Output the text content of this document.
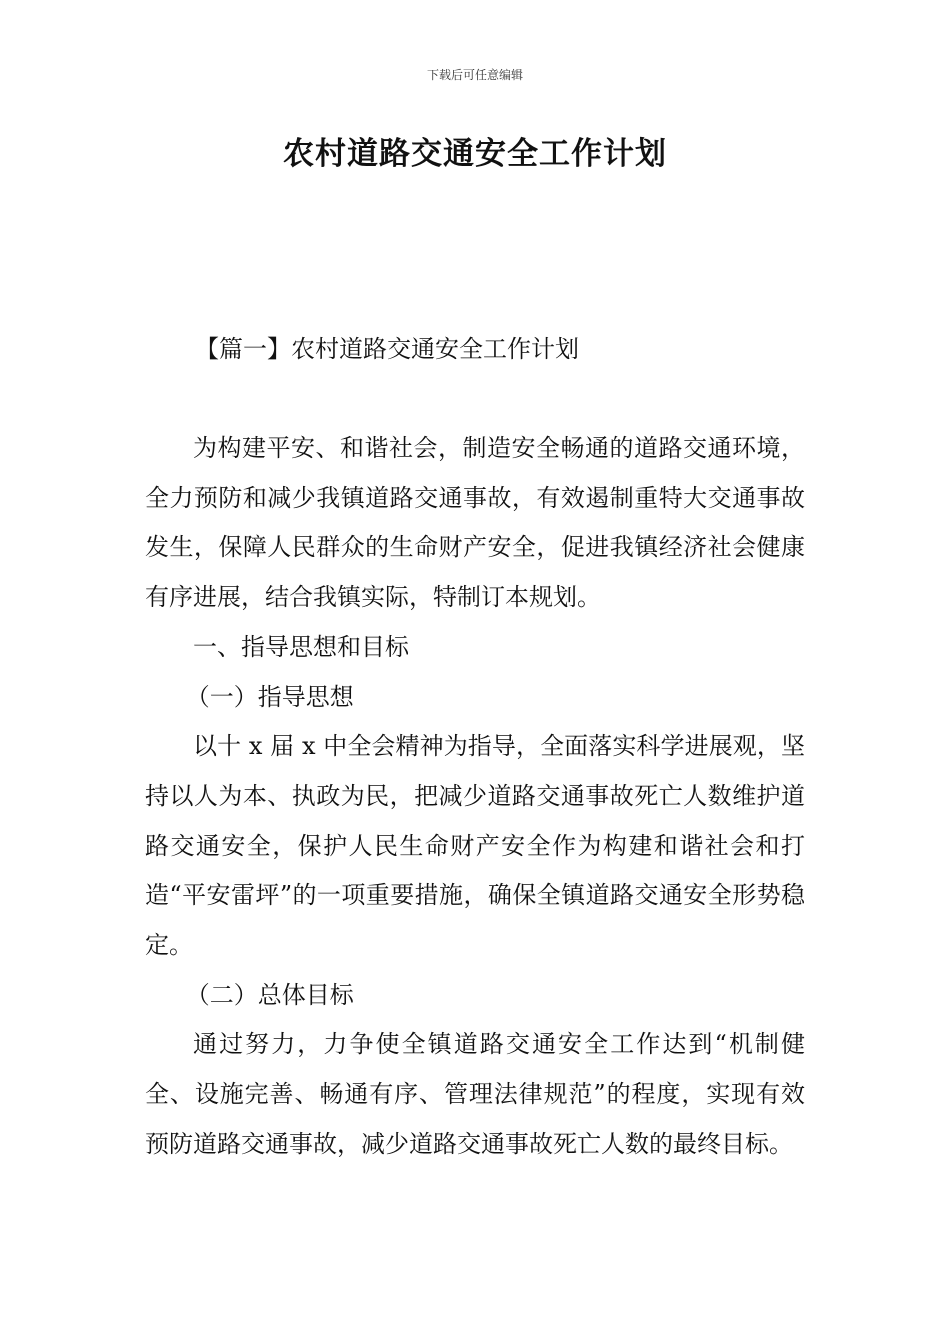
下载后可任意编辑
农村道路交通安全工作计划
【篇一】农村道路交通安全工作计划

为构建平安、和谐社会，制造安全畅通的道路交通环境，全力预防和减少我镇道路交通事故，有效遏制重特大交通事故发生，保障人民群众的生命财产安全，促进我镇经济社会健康有序进展，结合我镇实际，特制订本规划。

一、指导思想和目标

（一）指导思想

以十 x 届 x 中全会精神为指导，全面落实科学进展观，坚持以人为本、执政为民，把减少道路交通事故死亡人数维护道路交通安全，保护人民生命财产安全作为构建和谐社会和打造“平安雷坪”的一项重要措施，确保全镇道路交通安全形势稳定。

（二）总体目标

通过努力，力争使全镇道路交通安全工作达到“机制健全、设施完善、畅通有序、管理法律规范”的程度，实现有效预防道路交通事故，减少道路交通事故死亡人数的最终目标。
